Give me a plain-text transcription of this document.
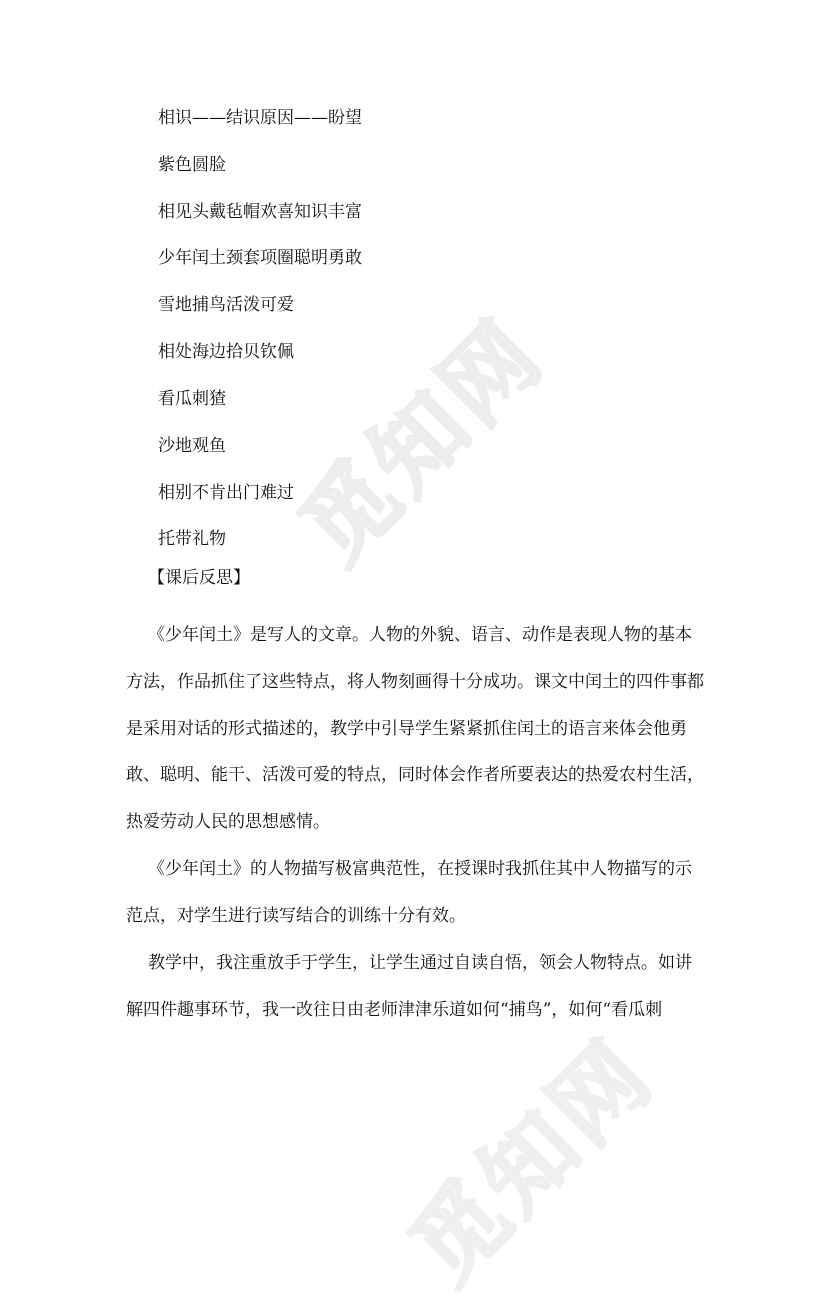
觅知网
觅知网
相识——结识原因——盼望
紫色圆脸
相见头戴毡帽欢喜知识丰富
少年闰土颈套项圈聪明勇敢
雪地捕鸟活泼可爱
相处海边拾贝钦佩
看瓜刺猹
沙地观鱼
相别不肯出门难过
托带礼物
【课后反思】
《少年闰土》是写人的文章。人物的外貌、语言、动作是表现人物的基本
方法，作品抓住了这些特点，将人物刻画得十分成功。课文中闰土的四件事都
是采用对话的形式描述的，教学中引导学生紧紧抓住闰土的语言来体会他勇
敢、聪明、能干、活泼可爱的特点，同时体会作者所要表达的热爱农村生活，
热爱劳动人民的思想感情。
《少年闰土》的人物描写极富典范性，在授课时我抓住其中人物描写的示
范点，对学生进行读写结合的训练十分有效。
教学中，我注重放手于学生，让学生通过自读自悟，领会人物特点。如讲
解四件趣事环节，我一改往日由老师津津乐道如何“捕鸟”，如何“看瓜刺
